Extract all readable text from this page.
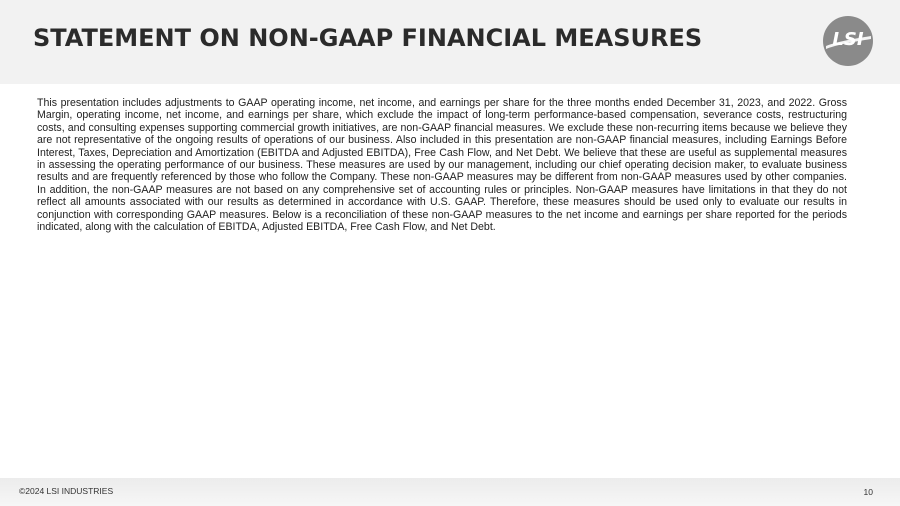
STATEMENT ON NON-GAAP FINANCIAL MEASURES	LSI

This presentation includes adjustments to GAAP operating income, net income, and earnings per share for the three months ended December 31, 2023, and 2022. Gross Margin, operating income, net income, and earnings per share, which exclude the impact of long-term performance-based compensation, severance costs, restructuring costs, and consulting expenses supporting commercial growth initiatives, are non-GAAP financial measures. We exclude these non-recurring items because we believe they are not representative of the ongoing results of operations of our business. Also included in this presentation are non-GAAP financial measures, including Earnings Before Interest, Taxes, Depreciation and Amortization (EBITDA and Adjusted EBITDA), Free Cash Flow, and Net Debt. We believe that these are useful as supplemental measures in assessing the operating performance of our business. These measures are used by our management, including our chief operating decision maker, to evaluate business results and are frequently referenced by those who follow the Company. These non-GAAP measures may be different from non-GAAP measures used by other companies. In addition, the non-GAAP measures are not based on any comprehensive set of accounting rules or principles. Non-GAAP measures have limitations in that they do not reflect all amounts associated with our results as determined in accordance with U.S. GAAP. Therefore, these measures should be used only to evaluate our results in conjunction with corresponding GAAP measures. Below is a reconciliation of these non-GAAP measures to the net income and earnings per share reported for the periods indicated, along with the calculation of EBITDA, Adjusted EBITDA, Free Cash Flow, and Net Debt.

©2024 LSI INDUSTRIES	10
